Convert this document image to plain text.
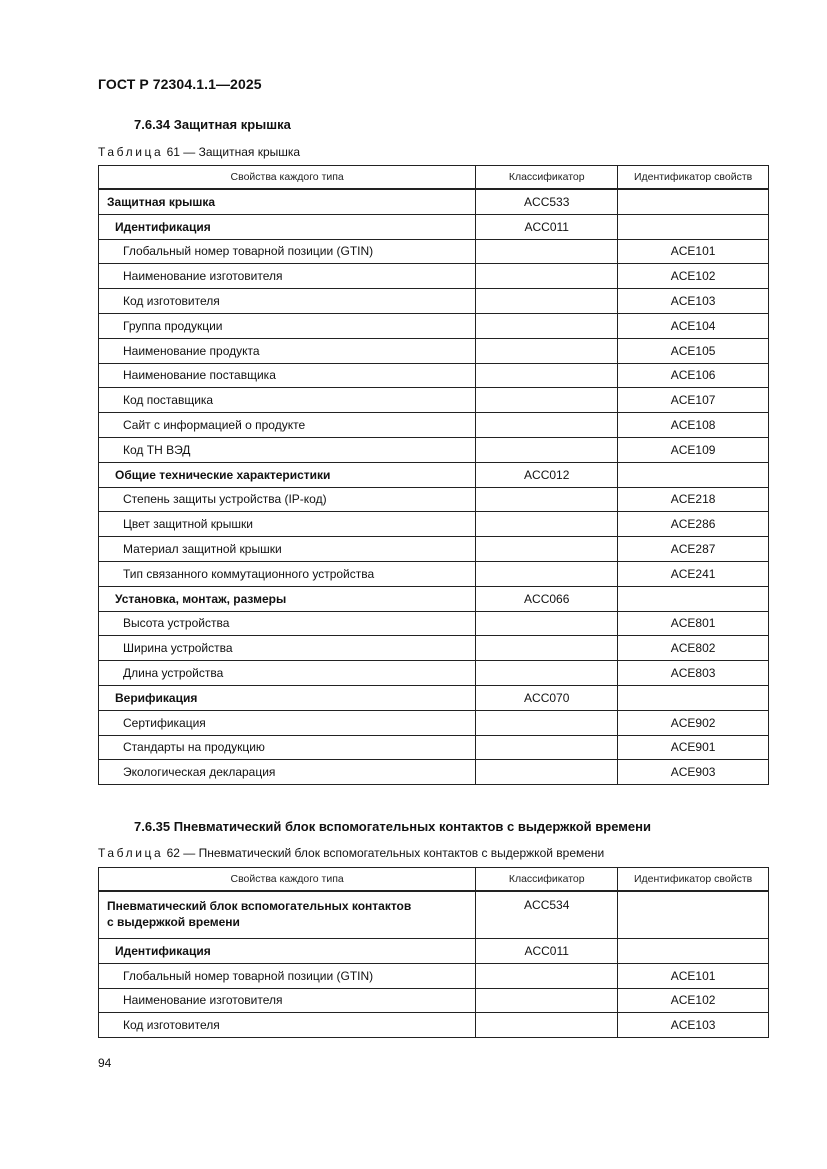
ГОСТ Р 72304.1.1—2025
7.6.34 Защитная крышка
Таблица 61 — Защитная крышка
Свойства каждого типа	Классификатор	Идентификатор свойств
Защитная крышка	ACC533	
Идентификация	ACC011	
Глобальный номер товарной позиции (GTIN)		ACE101
Наименование изготовителя		ACE102
Код изготовителя		ACE103
Группа продукции		ACE104
Наименование продукта		ACE105
Наименование поставщика		ACE106
Код поставщика		ACE107
Сайт с информацией о продукте		ACE108
Код ТН ВЭД		ACE109
Общие технические характеристики	ACC012	
Степень защиты устройства (IP-код)		ACE218
Цвет защитной крышки		ACE286
Материал защитной крышки		ACE287
Тип связанного коммутационного устройства		ACE241
Установка, монтаж, размеры	ACC066	
Высота устройства		ACE801
Ширина устройства		ACE802
Длина устройства		ACE803
Верификация	ACC070	
Сертификация		ACE902
Стандарты на продукцию		ACE901
Экологическая декларация		ACE903
7.6.35 Пневматический блок вспомогательных контактов с выдержкой времени
Таблица 62 — Пневматический блок вспомогательных контактов с выдержкой времени
Свойства каждого типа	Классификатор	Идентификатор свойств
Пневматический блок вспомогательных контактов
с выдержкой времени	ACC534	
Идентификация	ACC011	
Глобальный номер товарной позиции (GTIN)		ACE101
Наименование изготовителя		ACE102
Код изготовителя		ACE103
94
